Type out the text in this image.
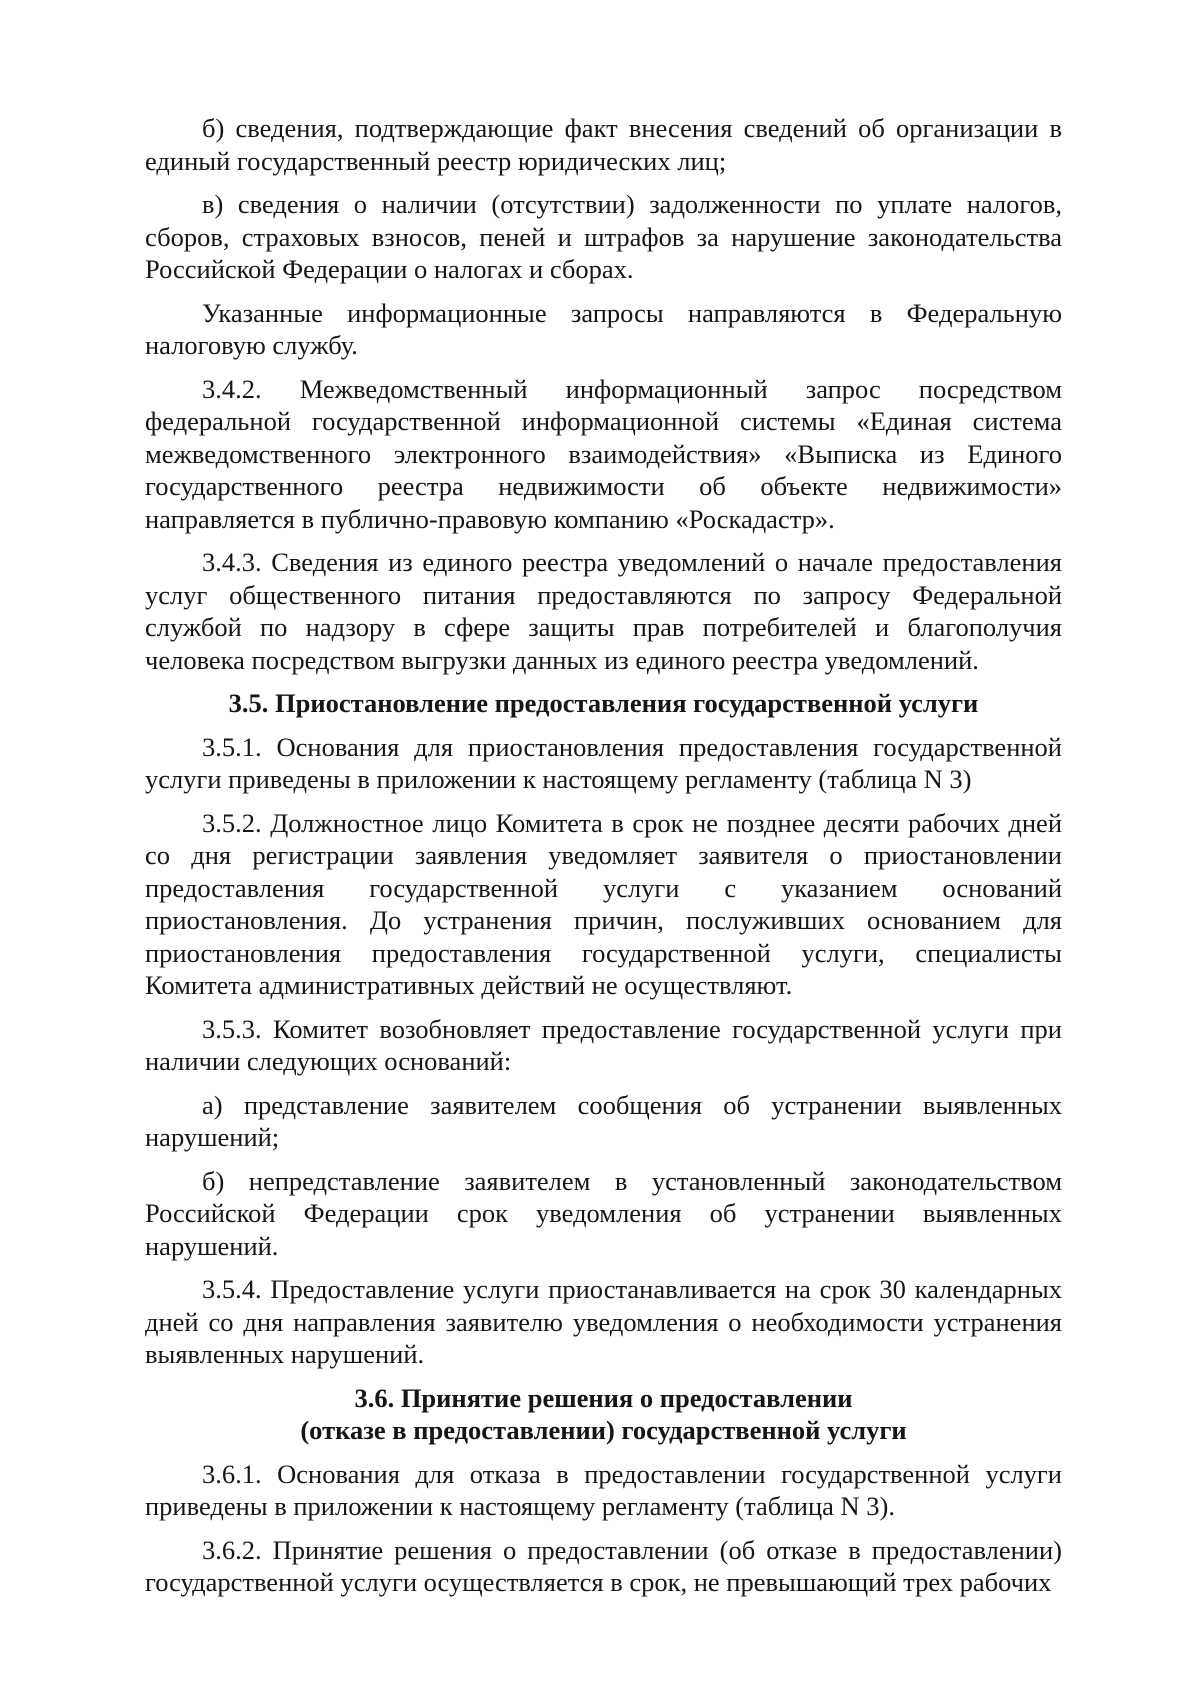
б) сведения, подтверждающие факт внесения сведений об организации в единый государственный реестр юридических лиц;

в) сведения о наличии (отсутствии) задолженности по уплате налогов, сборов, страховых взносов, пеней и штрафов за нарушение законодательства Российской Федерации о налогах и сборах.

Указанные информационные запросы направляются в Федеральную налоговую службу.

3.4.2. Межведомственный информационный запрос посредством федеральной государственной информационной системы «Единая система межведомственного электронного взаимодействия» «Выписка из Единого государственного реестра недвижимости об объекте недвижимости» направляется в публично-правовую компанию «Роскадастр».

3.4.3. Сведения из единого реестра уведомлений о начале предоставления услуг общественного питания предоставляются по запросу Федеральной службой по надзору в сфере защиты прав потребителей и благополучия человека посредством выгрузки данных из единого реестра уведомлений.

3.5. Приостановление предоставления государственной услуги

3.5.1. Основания для приостановления предоставления государственной услуги приведены в приложении к настоящему регламенту (таблица N 3)

3.5.2. Должностное лицо Комитета в срок не позднее десяти рабочих дней со дня регистрации заявления уведомляет заявителя о приостановлении предоставления государственной услуги с указанием оснований приостановления. До устранения причин, послуживших основанием для приостановления предоставления государственной услуги, специалисты Комитета административных действий не осуществляют.

3.5.3. Комитет возобновляет предоставление государственной услуги при наличии следующих оснований:

а) представление заявителем сообщения об устранении выявленных нарушений;

б) непредставление заявителем в установленный законодательством Российской Федерации срок уведомления об устранении выявленных нарушений.

3.5.4. Предоставление услуги приостанавливается на срок 30 календарных дней со дня направления заявителю уведомления о необходимости устранения выявленных нарушений.

3.6. Принятие решения о предоставлении
(отказе в предоставлении) государственной услуги

3.6.1. Основания для отказа в предоставлении государственной услуги приведены в приложении к настоящему регламенту (таблица N 3).

3.6.2. Принятие решения о предоставлении (об отказе в предоставлении) государственной услуги осуществляется в срок, не превышающий трех рабочих
